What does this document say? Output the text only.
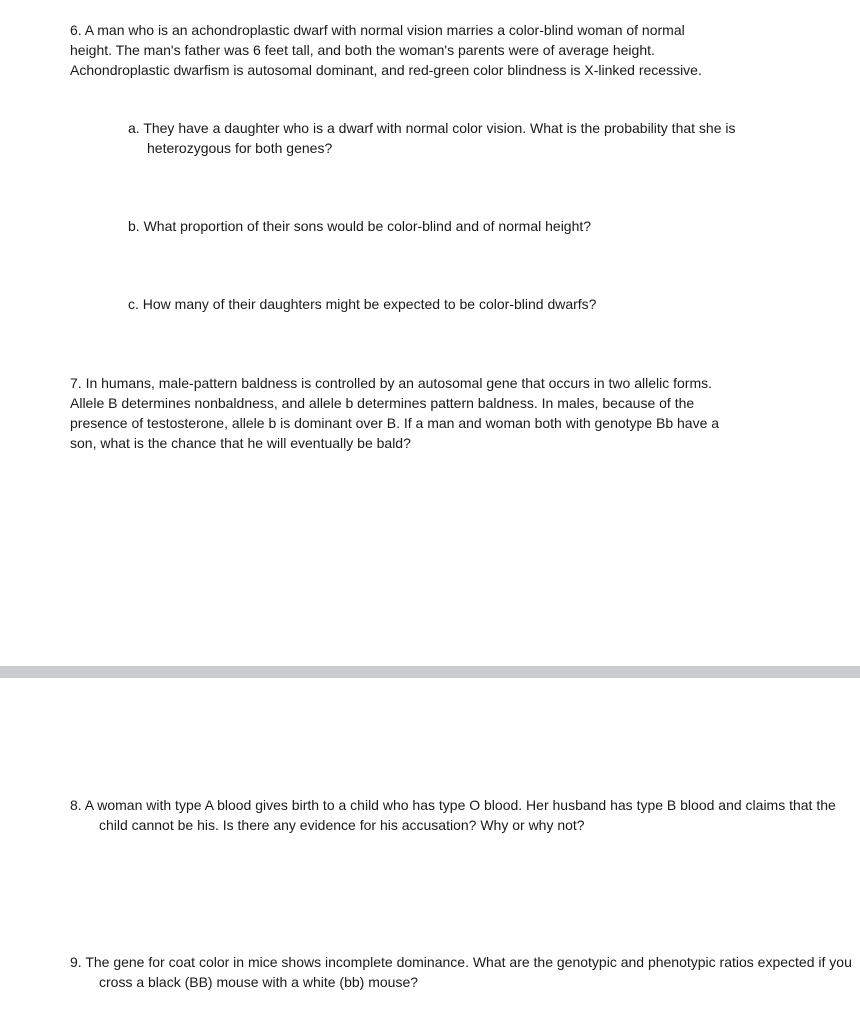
6. A man who is an achondroplastic dwarf with normal vision marries a color-blind woman of normal height. The man's father was 6 feet tall, and both the woman's parents were of average height. Achondroplastic dwarfism is autosomal dominant, and red-green color blindness is X-linked recessive.

a. They have a daughter who is a dwarf with normal color vision. What is the probability that she is heterozygous for both genes?

b. What proportion of their sons would be color-blind and of normal height?

c. How many of their daughters might be expected to be color-blind dwarfs?

7. In humans, male-pattern baldness is controlled by an autosomal gene that occurs in two allelic forms. Allele B determines nonbaldness, and allele b determines pattern baldness. In males, because of the presence of testosterone, allele b is dominant over B. If a man and woman both with genotype Bb have a son, what is the chance that he will eventually be bald?

8. A woman with type A blood gives birth to a child who has type O blood. Her husband has type B blood and claims that the child cannot be his. Is there any evidence for his accusation? Why or why not?

9. The gene for coat color in mice shows incomplete dominance. What are the genotypic and phenotypic ratios expected if you cross a black (BB) mouse with a white (bb) mouse?
